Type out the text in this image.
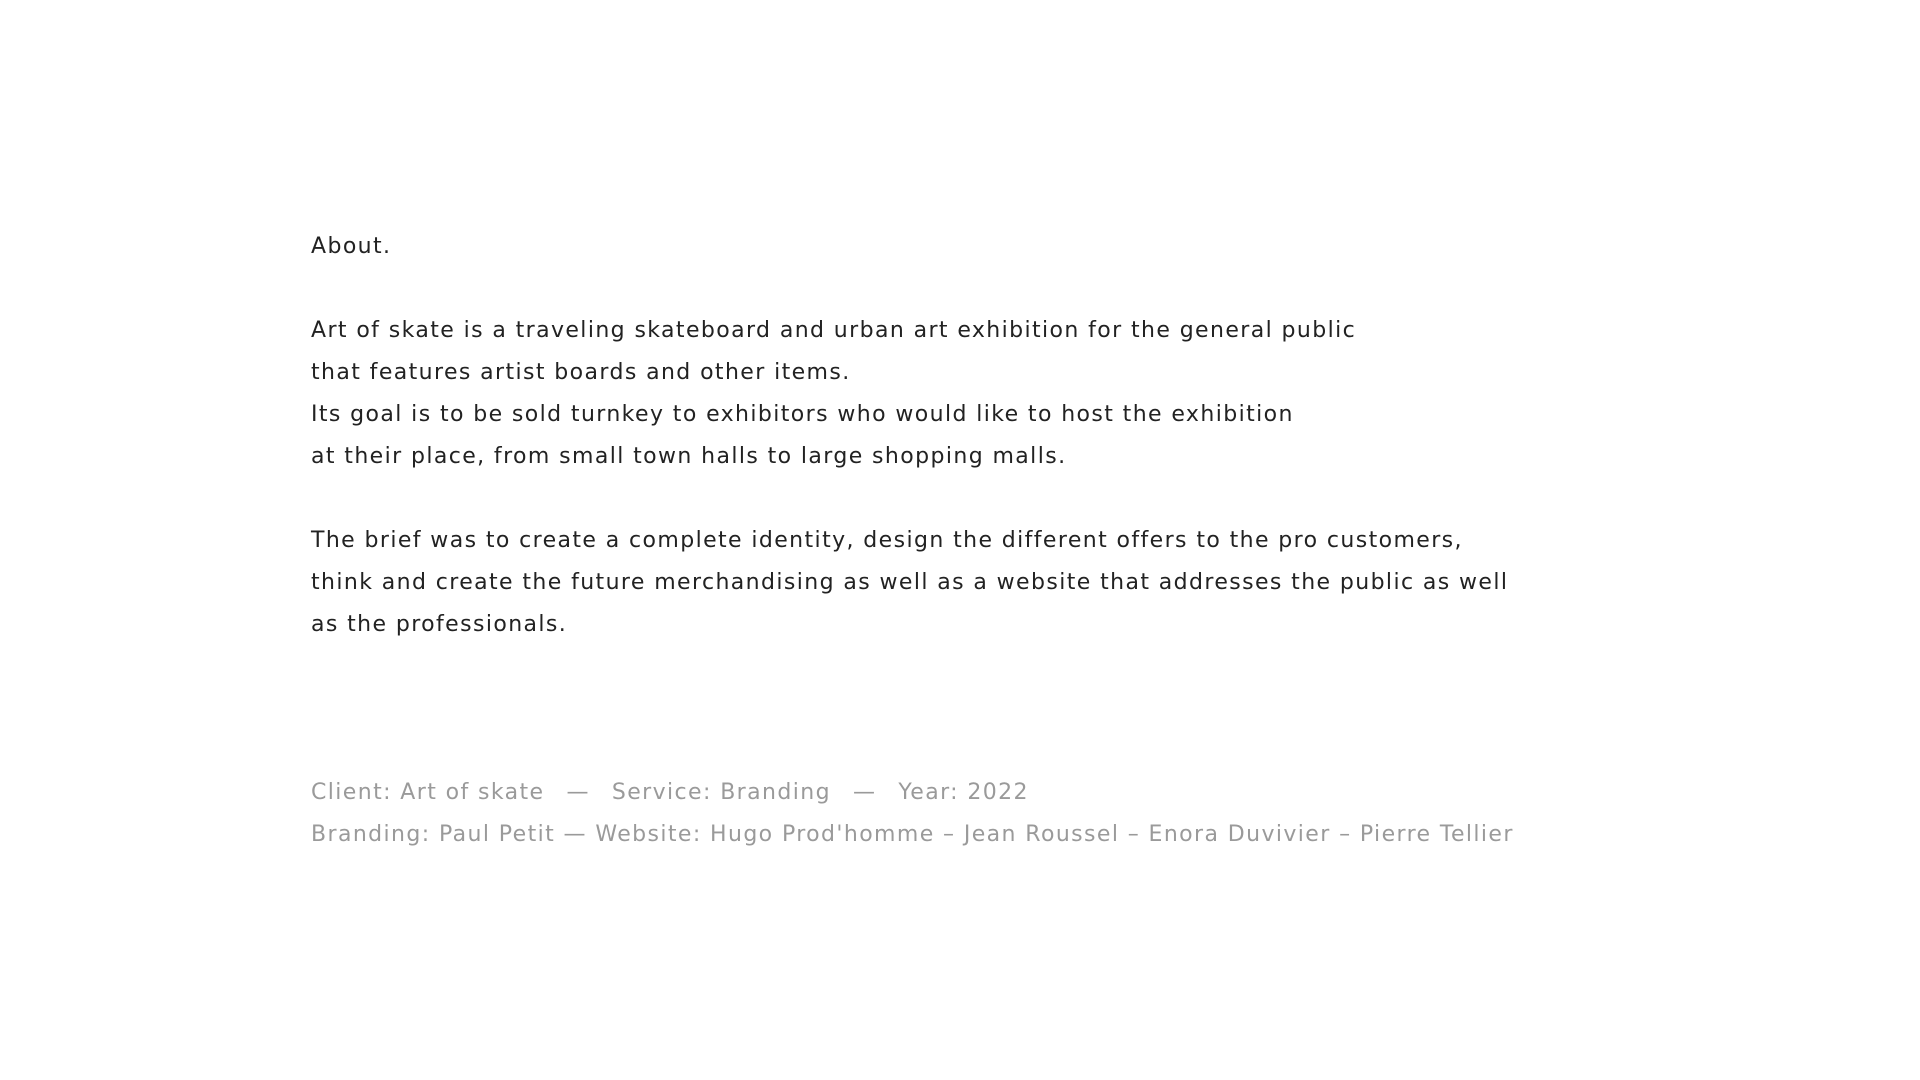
About.

Art of skate is a traveling skateboard and urban art exhibition for the general public

that features artist boards and other items.

Its goal is to be sold turnkey to exhibitors who would like to host the exhibition

at their place, from small town halls to large shopping malls.

The brief was to create a complete identity, design the different offers to the pro customers,

think and create the future merchandising as well as a website that addresses the public as well

as the professionals.

Client: Art of skate — Service: Branding — Year: 2022

Branding: Paul Petit — Website: Hugo Prod'homme – Jean Roussel – Enora Duvivier – Pierre Tellier
